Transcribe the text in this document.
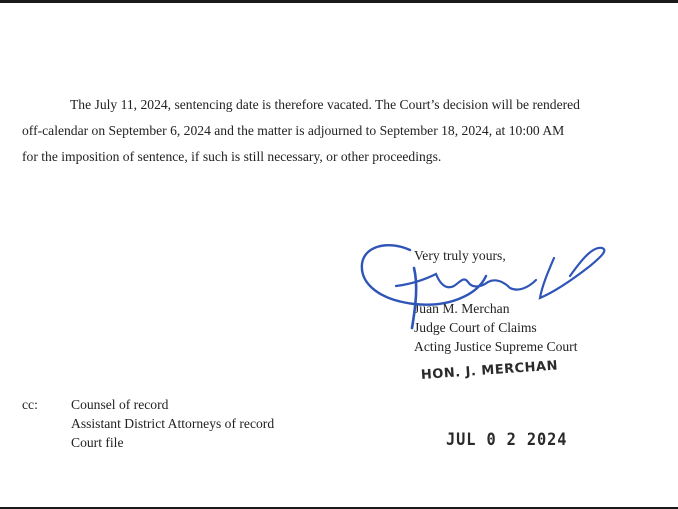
The July 11, 2024, sentencing date is therefore vacated. The Court’s decision will be rendered
off-calendar on September 6, 2024 and the matter is adjourned to September 18, 2024, at 10:00 AM
for the imposition of sentence, if such is still necessary, or other proceedings.

Very truly yours,
Juan M. Merchan
Judge Court of Claims
Acting Justice Supreme Court
cc:	Counsel of record
Assistant District Attorneys of record
Court file
HON. J. MERCHAN
JUL 0 2 2024
